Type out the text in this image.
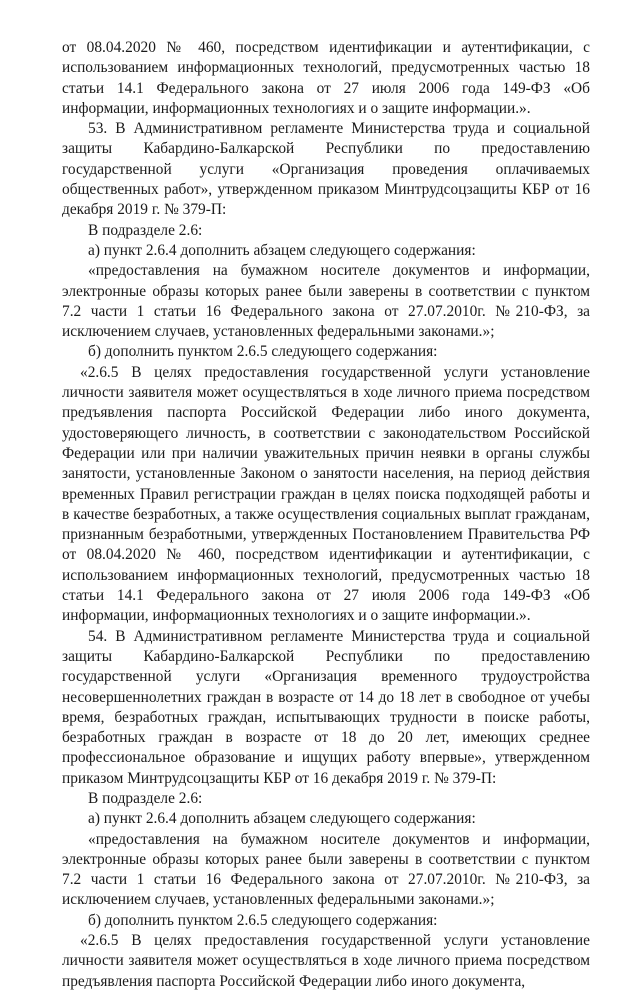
от 08.04.2020 № 460, посредством идентификации и аутентификации, с использованием информационных технологий, предусмотренных частью 18 статьи 14.1 Федерального закона от 27 июля 2006 года 149-ФЗ «Об информации, информационных технологиях и о защите информации.».

53. В Административном регламенте Министерства труда и социальной защиты Кабардино-Балкарской Республики по предоставлению государственной услуги «Организация проведения оплачиваемых общественных работ», утвержденном приказом Минтрудсоцзащиты КБР от 16 декабря 2019 г. № 379-П:

В подразделе 2.6:

а) пункт 2.6.4 дополнить абзацем следующего содержания:

«предоставления на бумажном носителе документов и информации, электронные образы которых ранее были заверены в соответствии с пунктом 7.2 части 1 статьи 16 Федерального закона от 27.07.2010г. №210-ФЗ, за исключением случаев, установленных федеральными законами.»;

б) дополнить пунктом 2.6.5 следующего содержания:

«2.6.5 В целях предоставления государственной услуги установление личности заявителя может осуществляться в ходе личного приема посредством предъявления паспорта Российской Федерации либо иного документа, удостоверяющего личность, в соответствии с законодательством Российской Федерации или при наличии уважительных причин неявки в органы службы занятости, установленные Законом о занятости населения, на период действия временных Правил регистрации граждан в целях поиска подходящей работы и в качестве безработных, а также осуществления социальных выплат гражданам, признанным безработными, утвержденных Постановлением Правительства РФ от 08.04.2020 № 460, посредством идентификации и аутентификации, с использованием информационных технологий, предусмотренных частью 18 статьи 14.1 Федерального закона от 27 июля 2006 года 149-ФЗ «Об информации, информационных технологиях и о защите информации.».

54. В Административном регламенте Министерства труда и социальной защиты Кабардино-Балкарской Республики по предоставлению государственной услуги «Организация временного трудоустройства несовершеннолетних граждан в возрасте от 14 до 18 лет в свободное от учебы время, безработных граждан, испытывающих трудности в поиске работы, безработных граждан в возрасте от 18 до 20 лет, имеющих среднее профессиональное образование и ищущих работу впервые», утвержденном приказом Минтрудсоцзащиты КБР от 16 декабря 2019 г. № 379-П:

В подразделе 2.6:

а) пункт 2.6.4 дополнить абзацем следующего содержания:

«предоставления на бумажном носителе документов и информации, электронные образы которых ранее были заверены в соответствии с пунктом 7.2 части 1 статьи 16 Федерального закона от 27.07.2010г. №210-ФЗ, за исключением случаев, установленных федеральными законами.»;

б) дополнить пунктом 2.6.5 следующего содержания:

«2.6.5 В целях предоставления государственной услуги установление личности заявителя может осуществляться в ходе личного приема посредством предъявления паспорта Российской Федерации либо иного документа,
